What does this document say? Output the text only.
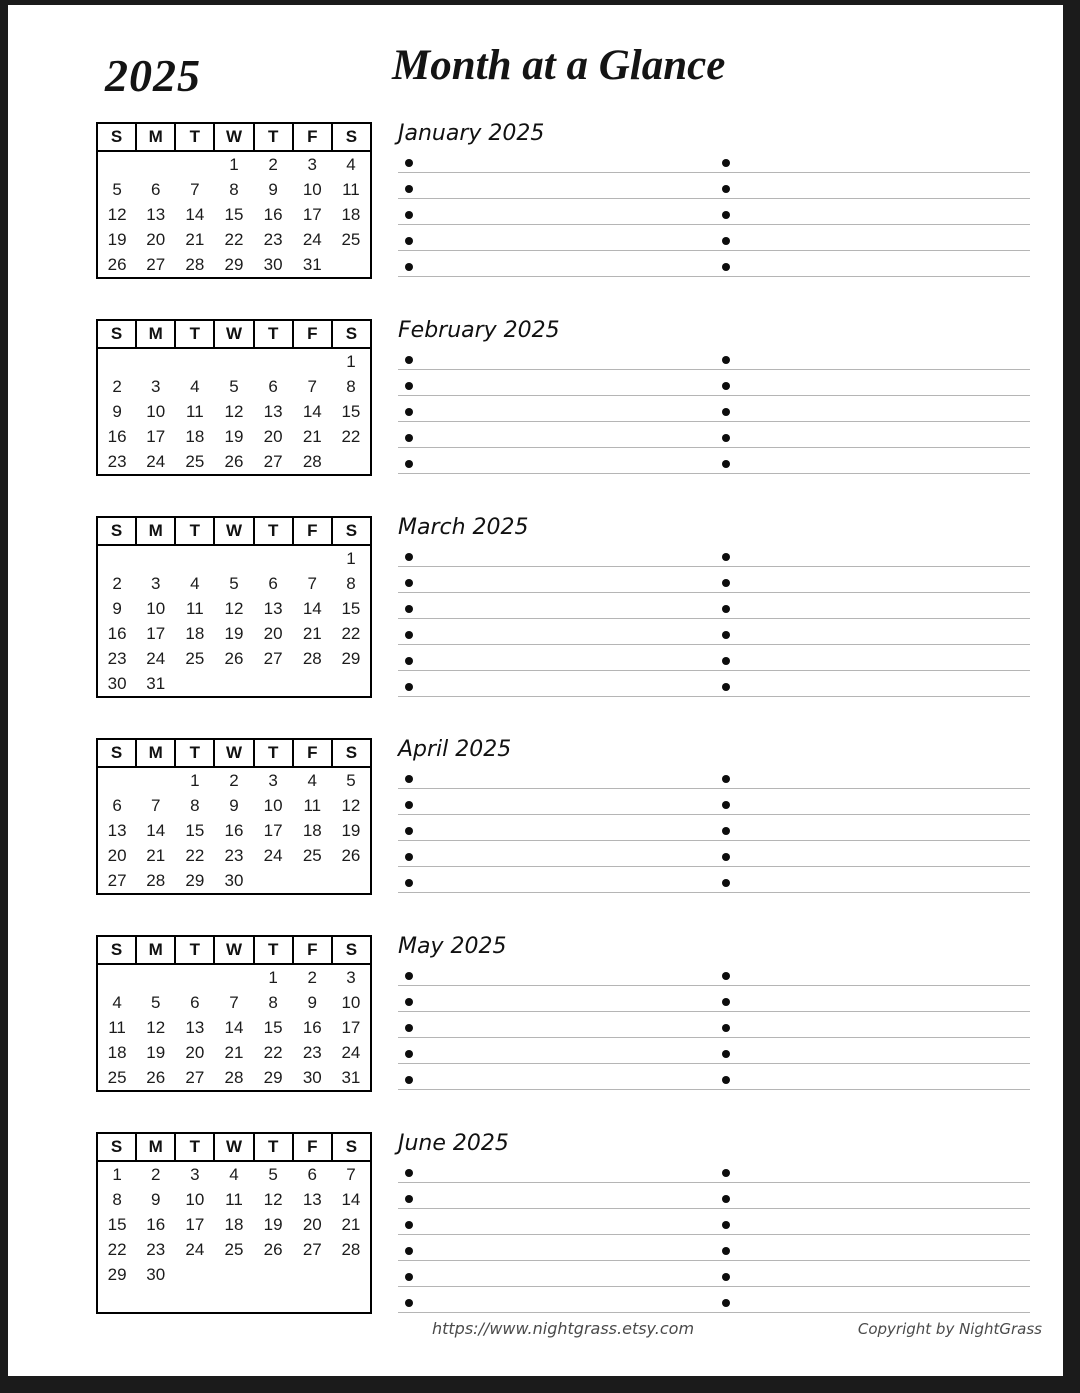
2025	Month at a Glance
S	M	T	W	T	F	S
			1	2	3	4
5	6	7	8	9	10	11
12	13	14	15	16	17	18
19	20	21	22	23	24	25
26	27	28	29	30	31	
January 2025
S	M	T	W	T	F	S
						1
2	3	4	5	6	7	8
9	10	11	12	13	14	15
16	17	18	19	20	21	22
23	24	25	26	27	28	
February 2025
S	M	T	W	T	F	S
						1
2	3	4	5	6	7	8
9	10	11	12	13	14	15
16	17	18	19	20	21	22
23	24	25	26	27	28	29
30	31					
March 2025
S	M	T	W	T	F	S
		1	2	3	4	5
6	7	8	9	10	11	12
13	14	15	16	17	18	19
20	21	22	23	24	25	26
27	28	29	30			
April 2025
S	M	T	W	T	F	S
				1	2	3
4	5	6	7	8	9	10
11	12	13	14	15	16	17
18	19	20	21	22	23	24
25	26	27	28	29	30	31
May 2025
S	M	T	W	T	F	S
1	2	3	4	5	6	7
8	9	10	11	12	13	14
15	16	17	18	19	20	21
22	23	24	25	26	27	28
29	30					

June 2025
https://www.nightgrass.etsy.com	Copyright by NightGrass
